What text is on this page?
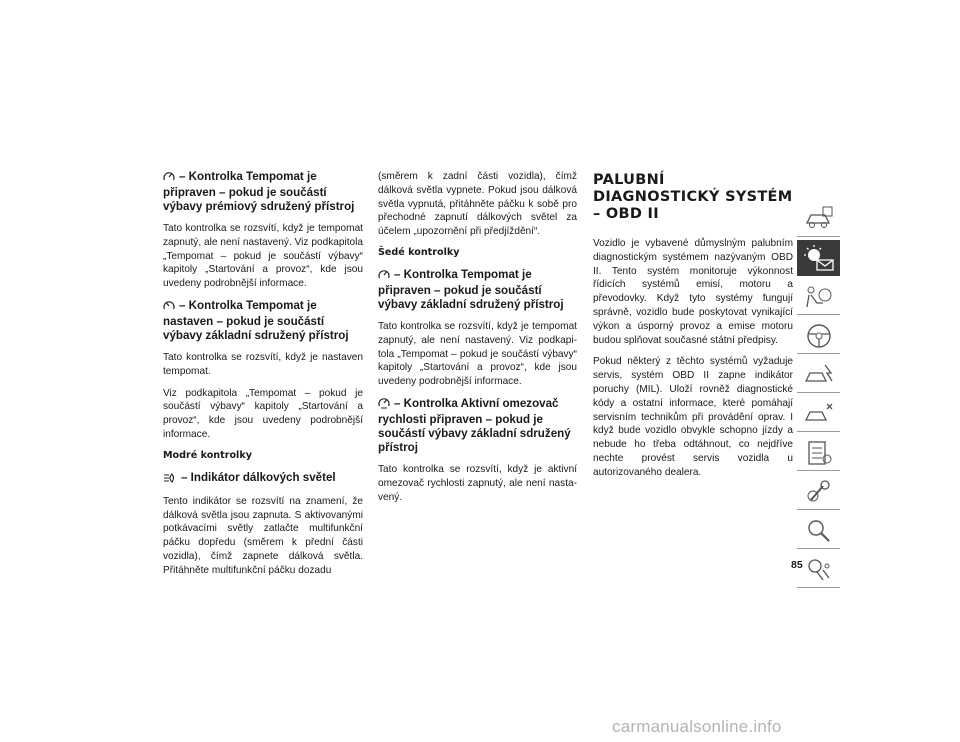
– Kontrolka Tempomat je připraven – pokud je součástí výbavy prémiový sdružený přístroj
Tato kontrolka se rozsvítí, když je tempomat zapnutý, ale není nastavený. Viz podkapitola „Tempomat – pokud je součástí výbavy“ kapitoly „Startování a provoz“, kde jsou uvedeny podrobnější informace.
– Kontrolka Tempomat je nastaven – pokud je součástí výbavy základní sdružený přístroj
Tato kontrolka se rozsvítí, když je nastaven tempomat.
Viz podkapitola „Tempomat – pokud je součástí výbavy“ kapitoly „Startování a provoz“, kde jsou uvedeny podrobnější informace.
Modré kontrolky
– Indikátor dálkových světel
Tento indikátor se rozsvítí na znamení, že dálková světla jsou zapnuta. S aktivovanými potkávacími světly zatlačte multifunkční páčku dopředu (směrem k přední části vozidla), čímž zapnete dálková světla. Přitáhněte multifunkční páčku dozadu
(směrem k zadní části vozidla), čímž dálková světla vypnete. Pokud jsou dálková světla vypnutá, přitáhněte páčku k sobě pro přechodné zapnutí dálkových světel za účelem „upozornění při předjíždění“.
Šedé kontrolky
– Kontrolka Tempomat je připraven – pokud je součástí výbavy základní sdružený přístroj
Tato kontrolka se rozsvítí, když je tempomat zapnutý, ale není nastavený. Viz podkapitola „Tempomat – pokud je součástí výbavy“ kapitoly „Startování a provoz“, kde jsou uvedeny podrobnější informace.
– Kontrolka Aktivní omezovač rychlosti připraven – pokud je součástí výbavy základní sdružený přístroj
Tato kontrolka se rozsvítí, když je aktivní omezovač rychlosti zapnutý, ale není nastavený.
PALUBNÍ DIAGNOSTICKÝ SYSTÉM – OBD II
Vozidlo je vybavené důmyslným palubním diagnostickým systémem nazývaným OBD II. Tento systém monitoruje výkonnost řídicích systémů emisí, motoru a převodovky. Když tyto systémy fungují správně, vozidlo bude poskytovat vynikající výkon a úsporný provoz a emise motoru budou splňovat současné státní předpisy.
Pokud některý z těchto systémů vyžaduje servis, systém OBD II zapne indikátor poruchy (MIL). Uloží rovněž diagnostické kódy a ostatní informace, které pomáhají servisním technikům při provádění oprav. I když bude vozidlo obvykle schopno jízdy a nebude ho třeba odtáhnout, co nejdříve nechte provést servis vozidla u autorizovaného dealera.
85
carmanualsonline.info
